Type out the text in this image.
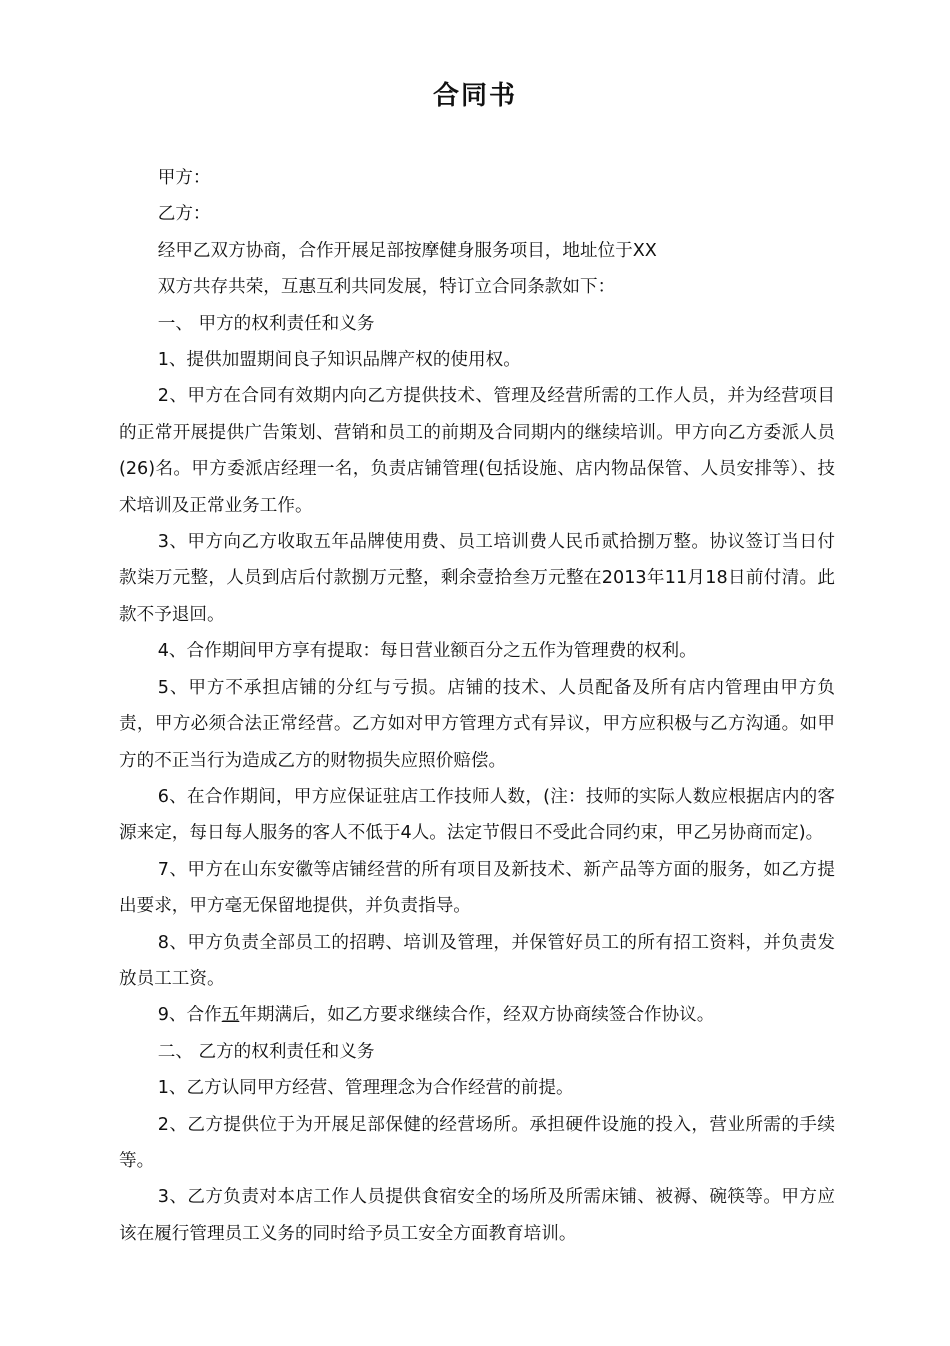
合同书

甲方：

乙方：

经甲乙双方协商，合作开展足部按摩健身服务项目，地址位于XX

双方共存共荣，互惠互利共同发展，特订立合同条款如下：

一、 甲方的权利责任和义务

1、提供加盟期间良子知识品牌产权的使用权。

2、甲方在合同有效期内向乙方提供技术、管理及经营所需的工作人员，并为经营项目的正常开展提供广告策划、营销和员工的前期及合同期内的继续培训。甲方向乙方委派人员(26)名。甲方委派店经理一名，负责店铺管理(包括设施、店内物品保管、人员安排等）、技术培训及正常业务工作。

3、甲方向乙方收取五年品牌使用费、员工培训费人民币贰拾捌万整。协议签订当日付款柒万元整，人员到店后付款捌万元整，剩余壹拾叁万元整在2013年11月18日前付清。此款不予退回。

4、合作期间甲方享有提取：每日营业额百分之五作为管理费的权利。

5、甲方不承担店铺的分红与亏损。店铺的技术、人员配备及所有店内管理由甲方负责，甲方必须合法正常经营。乙方如对甲方管理方式有异议，甲方应积极与乙方沟通。如甲方的不正当行为造成乙方的财物损失应照价赔偿。

6、在合作期间，甲方应保证驻店工作技师人数，(注：技师的实际人数应根据店内的客源来定，每日每人服务的客人不低于4人。法定节假日不受此合同约束，甲乙另协商而定)。

7、甲方在山东安徽等店铺经营的所有项目及新技术、新产品等方面的服务，如乙方提出要求，甲方毫无保留地提供，并负责指导。

8、甲方负责全部员工的招聘、培训及管理，并保管好员工的所有招工资料，并负责发放员工工资。

9、合作五年期满后，如乙方要求继续合作，经双方协商续签合作协议。

二、 乙方的权利责任和义务

1、乙方认同甲方经营、管理理念为合作经营的前提。

2、乙方提供位于为开展足部保健的经营场所。承担硬件设施的投入，营业所需的手续等。

3、乙方负责对本店工作人员提供食宿安全的场所及所需床铺、被褥、碗筷等。甲方应该在履行管理员工义务的同时给予员工安全方面教育培训。
